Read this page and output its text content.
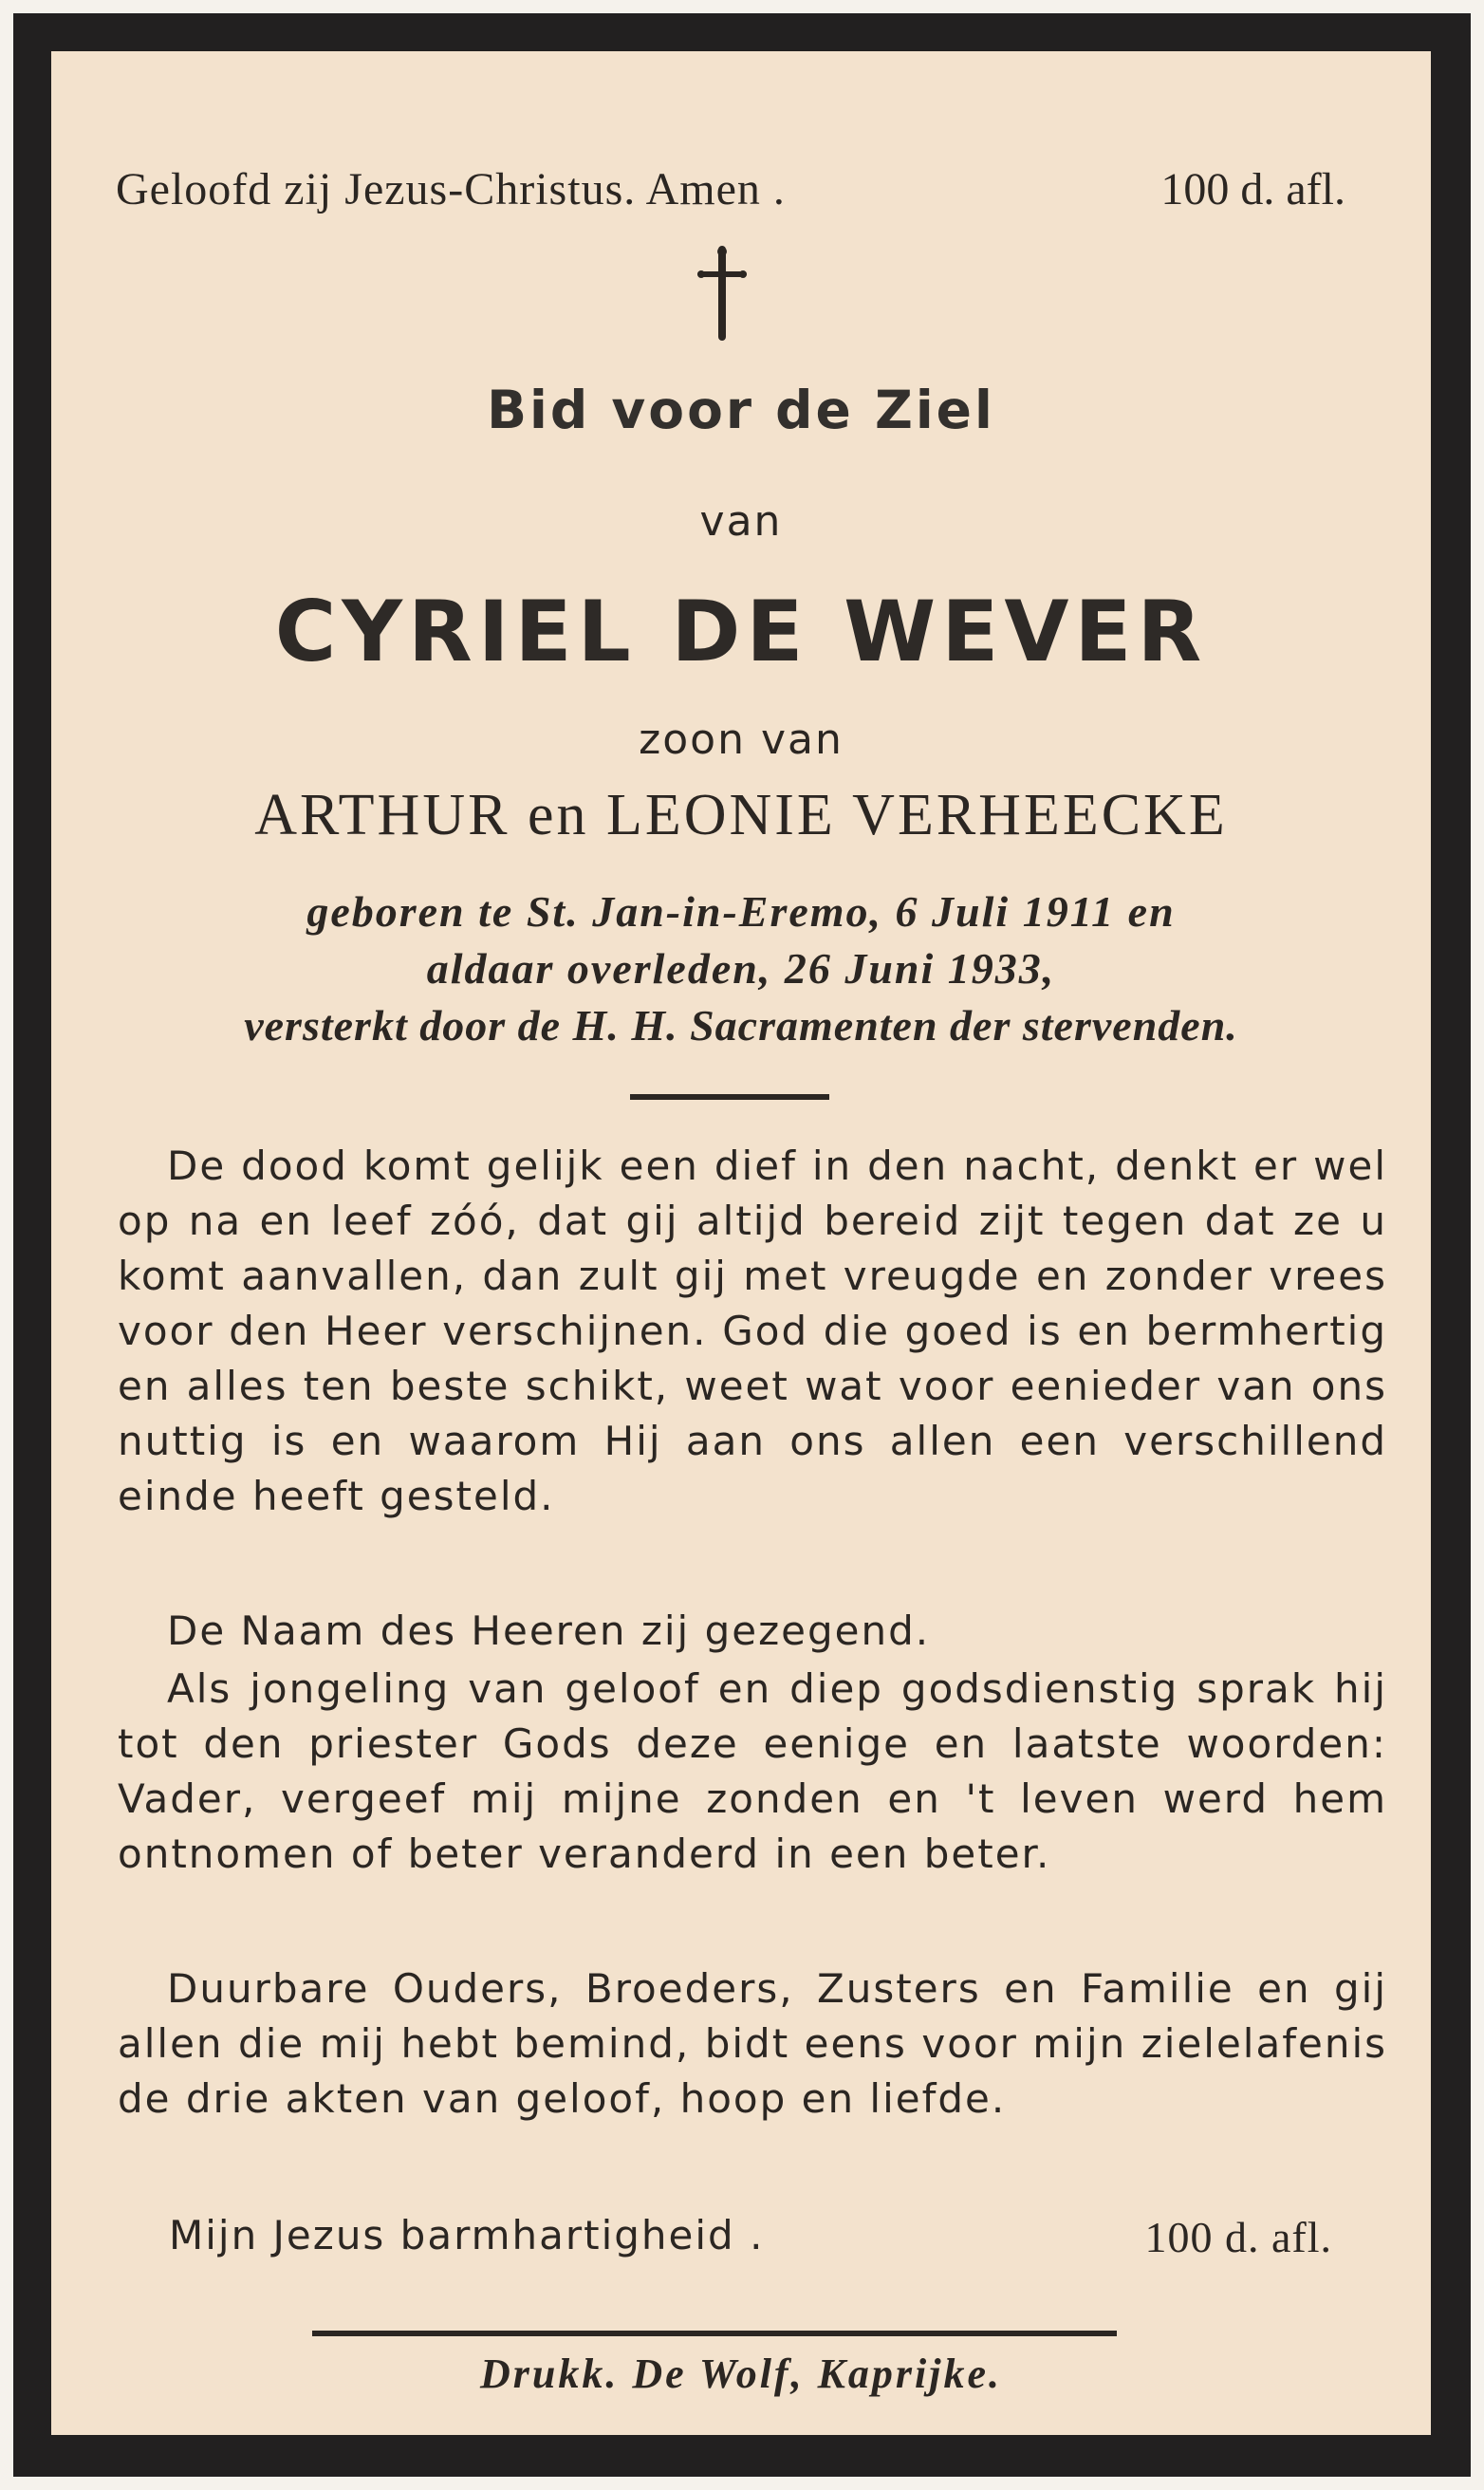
Geloofd zij Jezus-Christus. Amen .	100 d. afl.
Bid voor de Ziel
van
CYRIEL DE WEVER
zoon van
ARTHUR en LEONIE VERHEECKE
geboren te St. Jan-in-Eremo, 6 Juli 1911 en
aldaar overleden, 26 Juni 1933,
versterkt door de H. H. Sacramenten der stervenden.
De dood komt gelijk een dief in den nacht, denkt er wel op na en leef zóó, dat gij altijd bereid zijt tegen dat ze u komt aanvallen, dan zult gij met vreugde en zonder vrees voor den Heer verschijnen. God die goed is en bermhertig en alles ten beste schikt, weet wat voor eenieder van ons nuttig is en waarom Hij aan ons allen een verschillend einde heeft gesteld.
De Naam des Heeren zij gezegend.
Als jongeling van geloof en diep godsdienstig sprak hij tot den priester Gods deze eenige en laatste woorden: Vader, vergeef mij mijne zonden en 't leven werd hem ontnomen of beter veranderd in een beter.
Duurbare Ouders, Broeders, Zusters en Familie en gij allen die mij hebt bemind, bidt eens voor mijn zielelafenis de drie akten van geloof, hoop en liefde.
Mijn Jezus barmhartigheid .	100 d. afl.
Drukk. De Wolf, Kaprijke.
